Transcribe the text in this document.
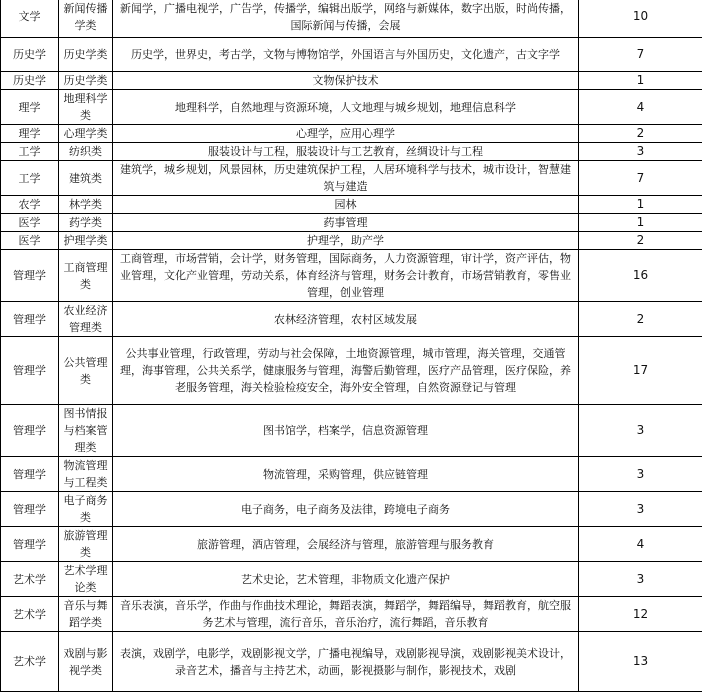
文学	新闻传播学类	新闻学，广播电视学，广告学，传播学，编辑出版学，网络与新媒体，数字出版，时尚传播，国际新闻与传播，会展	10
历史学	历史学类	历史学，世界史，考古学，文物与博物馆学，外国语言与外国历史，文化遗产，古文字学	7
历史学	历史学类	文物保护技术	1
理学	地理科学类	地理科学，自然地理与资源环境，人文地理与城乡规划，地理信息科学	4
理学	心理学类	心理学，应用心理学	2
工学	纺织类	服装设计与工程，服装设计与工艺教育，丝绸设计与工程	3
工学	建筑类	建筑学，城乡规划，风景园林，历史建筑保护工程，人居环境科学与技术，城市设计，智慧建筑与建造	7
农学	林学类	园林	1
医学	药学类	药事管理	1
医学	护理学类	护理学，助产学	2
管理学	工商管理类	工商管理，市场营销，会计学，财务管理，国际商务，人力资源管理，审计学，资产评估，物业管理，文化产业管理，劳动关系，体育经济与管理，财务会计教育，市场营销教育，零售业管理，创业管理	16
管理学	农业经济管理类	农林经济管理，农村区域发展	2
管理学	公共管理类	公共事业管理，行政管理，劳动与社会保障，土地资源管理，城市管理，海关管理，交通管理，海事管理，公共关系学，健康服务与管理，海警后勤管理，医疗产品管理，医疗保险，养老服务管理，海关检验检疫安全，海外安全管理，自然资源登记与管理	17
管理学	图书情报与档案管理类	图书馆学，档案学，信息资源管理	3
管理学	物流管理与工程类	物流管理，采购管理，供应链管理	3
管理学	电子商务类	电子商务，电子商务及法律，跨境电子商务	3
管理学	旅游管理类	旅游管理，酒店管理，会展经济与管理，旅游管理与服务教育	4
艺术学	艺术学理论类	艺术史论，艺术管理，非物质文化遗产保护	3
艺术学	音乐与舞蹈学类	音乐表演，音乐学，作曲与作曲技术理论，舞蹈表演，舞蹈学，舞蹈编导，舞蹈教育，航空服务艺术与管理，流行音乐，音乐治疗，流行舞蹈，音乐教育	12
艺术学	戏剧与影视学类	表演，戏剧学，电影学，戏剧影视文学，广播电视编导，戏剧影视导演，戏剧影视美术设计，录音艺术，播音与主持艺术，动画，影视摄影与制作，影视技术，戏剧	13
